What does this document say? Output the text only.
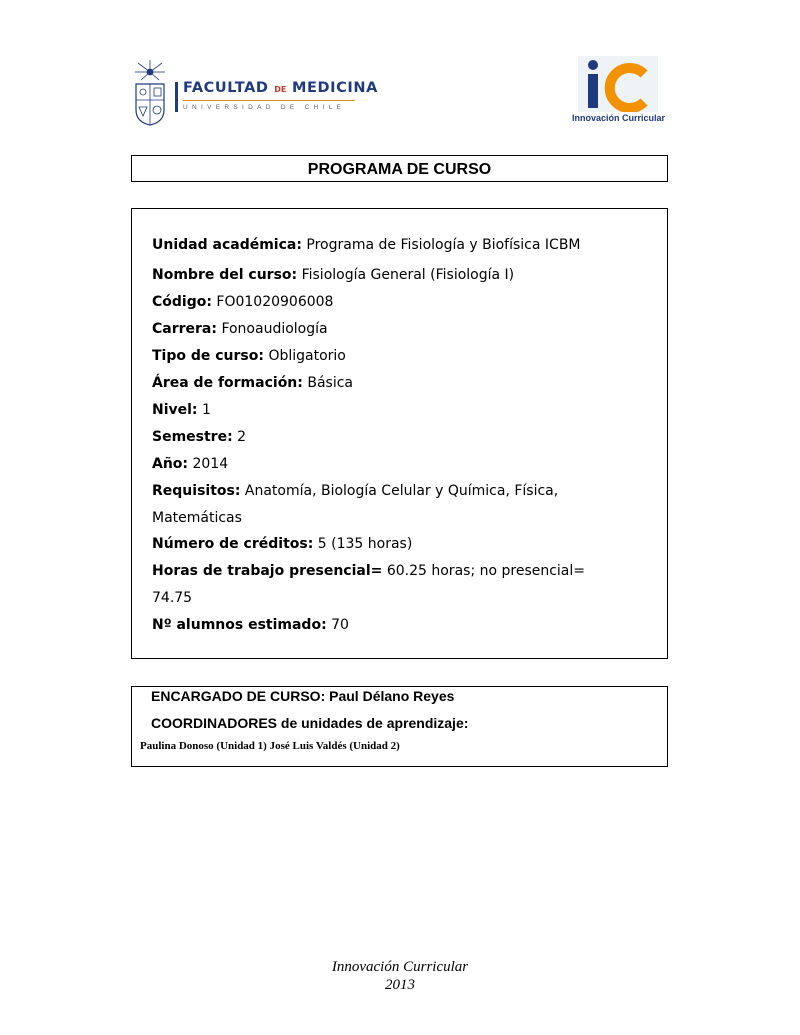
FACULTAD DE MEDICINA
UNIVERSIDAD DE CHILE
Innovación Curricular
PROGRAMA DE CURSO
Unidad académica: Programa de Fisiología y Biofísica ICBM
Nombre del curso: Fisiología General (Fisiología I)
Código: FO01020906008
Carrera: Fonoaudiología
Tipo de curso: Obligatorio
Área de formación: Básica
Nivel: 1
Semestre: 2
Año: 2014
Requisitos: Anatomía, Biología Celular y Química, Física,
Matemáticas
Número de créditos: 5 (135 horas)
Horas de trabajo presencial= 60.25 horas; no presencial=
74.75
Nº alumnos estimado: 70
ENCARGADO DE CURSO: Paul Délano Reyes
COORDINADORES de unidades de aprendizaje:
Paulina Donoso (Unidad 1) José Luis Valdés (Unidad 2)
Innovación Curricular
2013
